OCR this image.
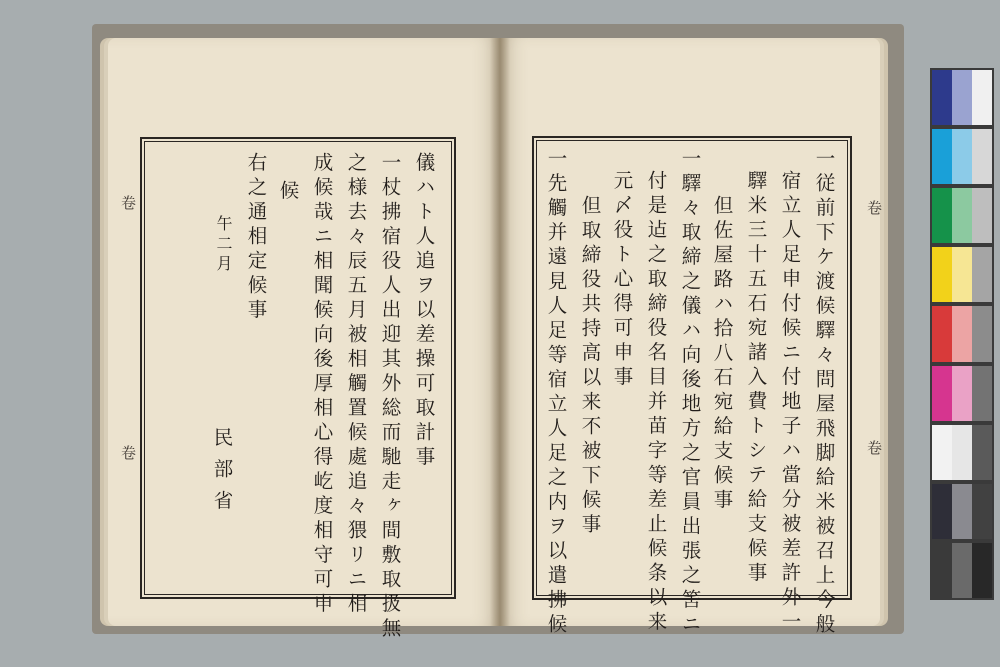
卷
卷
卷
卷
儀ハト人追ヲ以差操可取計事
一杖拂宿役人出迎其外総而馳走ヶ間敷取扱無
之様去々辰五月被相觸置候處追々猥リニ相
成候哉ニ相聞候向後厚相心得屹度相守可申
候
右之通相定候事
午二月
民部省	一従前下ケ渡候驛々問屋飛脚給米被召上今般
宿立人足申付候ニ付地子ハ當分被差許外一
驛米三十五石宛諸入費トシテ給支候事
但佐屋路ハ拾八石宛給支候事
一驛々取締之儀ハ向後地方之官員出張之筈ニ
付是迠之取締役名目并苗字等差止候条以来
元〆役ト心得可申事
但取締役共持高以来不被下候事
一先觸并遠見人足等宿立人足之内ヲ以遣拂候
